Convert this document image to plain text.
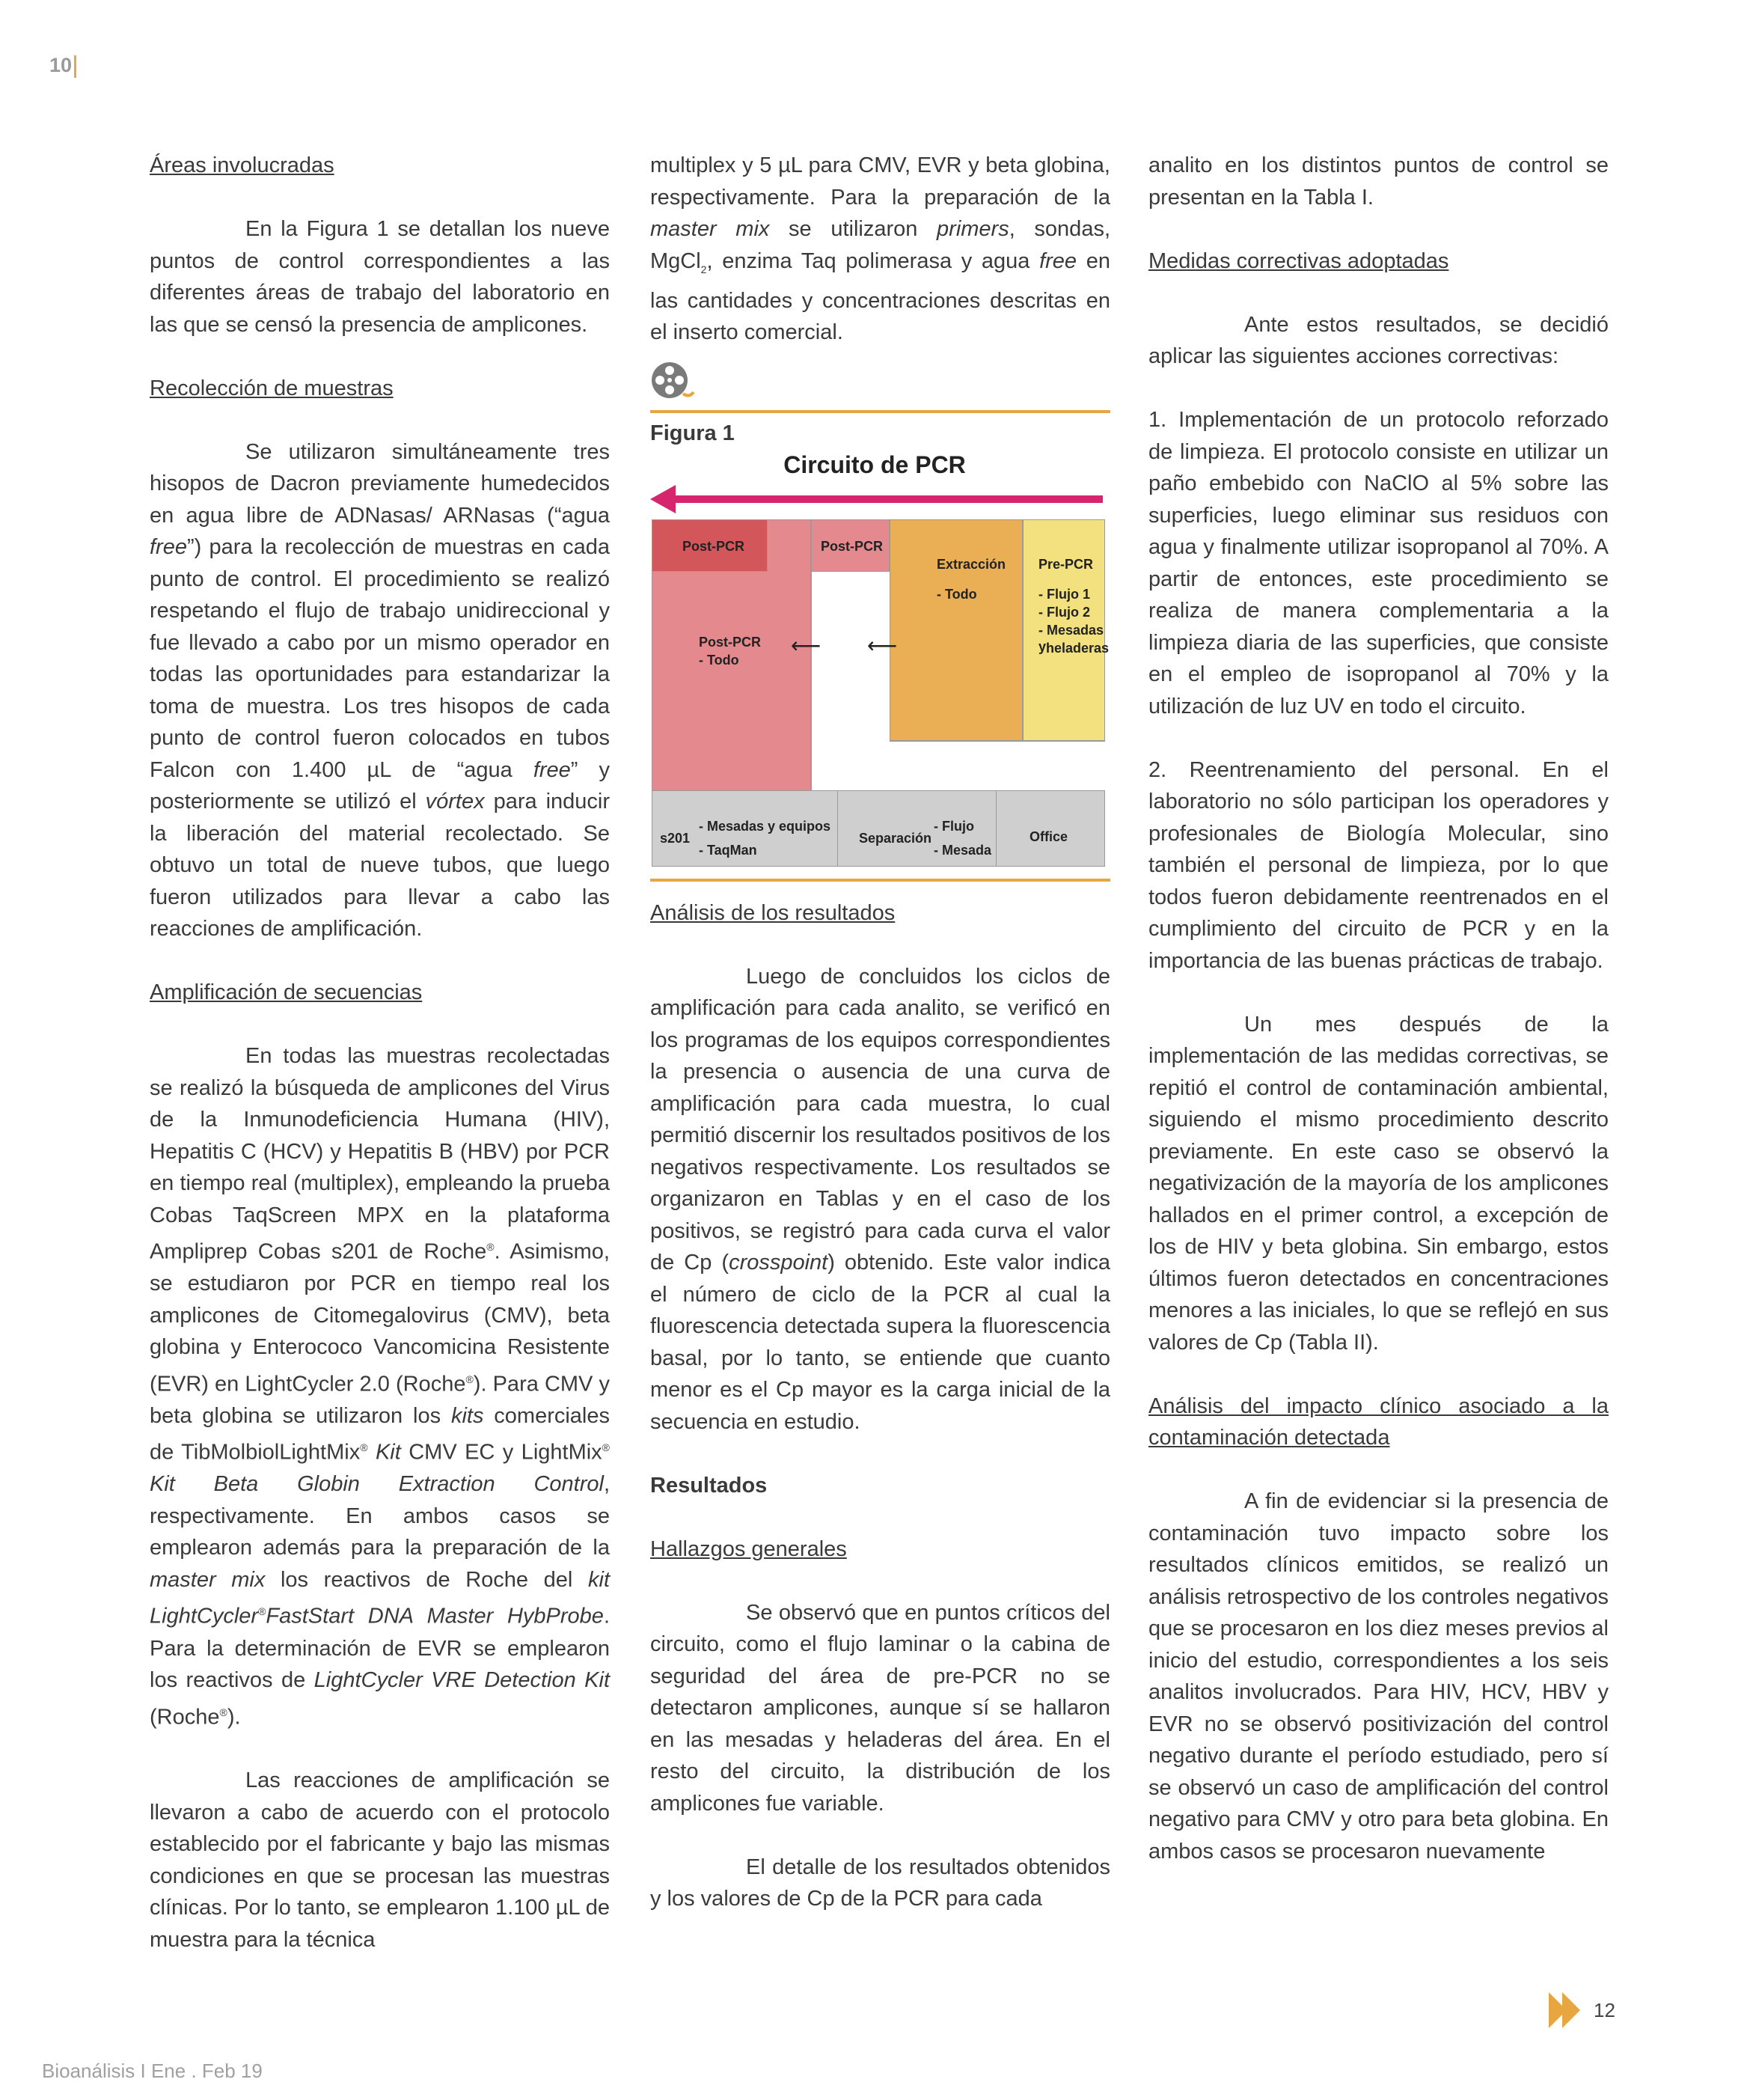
10

Áreas involucradas

En la Figura 1 se detallan los nueve puntos de control correspondientes a las diferentes áreas de trabajo del laboratorio en las que se censó la presencia de amplicones.

Recolección de muestras

Se utilizaron simultáneamente tres hisopos de Dacron previamente humedecidos en agua libre de ADNasas/ ARNasas (“agua free”) para la recolección de muestras en cada punto de control. El procedimiento se realizó respetando el flujo de trabajo unidireccional y fue llevado a cabo por un mismo operador en todas las oportunidades para estandarizar la toma de muestra. Los tres hisopos de cada punto de control fueron colocados en tubos Falcon con 1.400 µL de “agua free” y posteriormente se utilizó el vórtex para inducir la liberación del material recolectado. Se obtuvo un total de nueve tubos, que luego fueron utilizados para llevar a cabo las reacciones de amplificación.

Amplificación de secuencias

En todas las muestras recolectadas se realizó la búsqueda de amplicones del Virus de la Inmunodeficiencia Humana (HIV), Hepatitis C (HCV) y Hepatitis B (HBV) por PCR en tiempo real (multiplex), empleando la prueba Cobas TaqScreen MPX en la plataforma Ampliprep Cobas s201 de Roche®. Asimismo, se estudiaron por PCR en tiempo real los amplicones de Citomegalovirus (CMV), beta globina y Enterococo Vancomicina Resistente (EVR) en LightCycler 2.0 (Roche®). Para CMV y beta globina se utilizaron los kits comerciales de TibMolbiolLightMix® Kit CMV EC y LightMix® Kit Beta Globin Extraction Control, respectivamente. En ambos casos se emplearon además para la preparación de la master mix los reactivos de Roche del kit LightCycler®FastStart DNA Master HybProbe. Para la determinación de EVR se emplearon los reactivos de LightCycler VRE Detection Kit (Roche®).

Las reacciones de amplificación se llevaron a cabo de acuerdo con el protocolo establecido por el fabricante y bajo las mismas condiciones en que se procesan las muestras clínicas. Por lo tanto, se emplearon 1.100 µL de muestra para la técnica

multiplex y 5 µL para CMV, EVR y beta globina, respectivamente. Para la preparación de la master mix se utilizaron primers, sondas, MgCl$_2$, enzima Taq polimerasa y agua free en las cantidades y concentraciones descritas en el inserto comercial.

Figura 1
Circuito de PCR
Post-PCR
- Todo
Post-PCR	Post-PCR
Extracción
- Todo
Pre-PCR
- Flujo 1
- Flujo 2
- Mesadas y heladeras
⟵ ⟵
s201
- Mesadas y equipos
- TaqMan
Separación
- Flujo
- Mesada
Office

Análisis de los resultados

Luego de concluidos los ciclos de amplificación para cada analito, se verificó en los programas de los equipos correspondientes la presencia o ausencia de una curva de amplificación para cada muestra, lo cual permitió discernir los resultados positivos de los negativos respectivamente. Los resultados se organizaron en Tablas y en el caso de los positivos, se registró para cada curva el valor de Cp (crosspoint) obtenido. Este valor indica el número de ciclo de la PCR al cual la fluorescencia detectada supera la fluorescencia basal, por lo tanto, se entiende que cuanto menor es el Cp mayor es la carga inicial de la secuencia en estudio.

Resultados

Hallazgos generales

Se observó que en puntos críticos del circuito, como el flujo laminar o la cabina de seguridad del área de pre-PCR no se detectaron amplicones, aunque sí se hallaron en las mesadas y heladeras del área. En el resto del circuito, la distribución de los amplicones fue variable.

El detalle de los resultados obtenidos y los valores de Cp de la PCR para cada

analito en los distintos puntos de control se presentan en la Tabla I.

Medidas correctivas adoptadas

Ante estos resultados, se decidió aplicar las siguientes acciones correctivas:

1. Implementación de un protocolo reforzado de limpieza. El protocolo consiste en utilizar un paño embebido con NaClO al 5% sobre las superficies, luego eliminar sus residuos con agua y finalmente utilizar isopropanol al 70%. A partir de entonces, este procedimiento se realiza de manera complementaria a la limpieza diaria de las superficies, que consiste en el empleo de isopropanol al 70% y la utilización de luz UV en todo el circuito.

2. Reentrenamiento del personal. En el laboratorio no sólo participan los operadores y profesionales de Biología Molecular, sino también el personal de limpieza, por lo que todos fueron debidamente reentrenados en el cumplimiento del circuito de PCR y en la importancia de las buenas prácticas de trabajo.

Un mes después de la implementación de las medidas correctivas, se repitió el control de contaminación ambiental, siguiendo el mismo procedimiento descrito previamente. En este caso se observó la negativización de la mayoría de los amplicones hallados en el primer control, a excepción de los de HIV y beta globina. Sin embargo, estos últimos fueron detectados en concentraciones menores a las iniciales, lo que se reflejó en sus valores de Cp (Tabla II).

Análisis del impacto clínico asociado a la contaminación detectada

A fin de evidenciar si la presencia de contaminación tuvo impacto sobre los resultados clínicos emitidos, se realizó un análisis retrospectivo de los controles negativos que se procesaron en los diez meses previos al inicio del estudio, correspondientes a los seis analitos involucrados. Para HIV, HCV, HBV y EVR no se observó positivización del control negativo durante el período estudiado, pero sí se observó un caso de amplificación del control negativo para CMV y otro para beta globina. En ambos casos se procesaron nuevamente

12
Bioanálisis I Ene . Feb 19
